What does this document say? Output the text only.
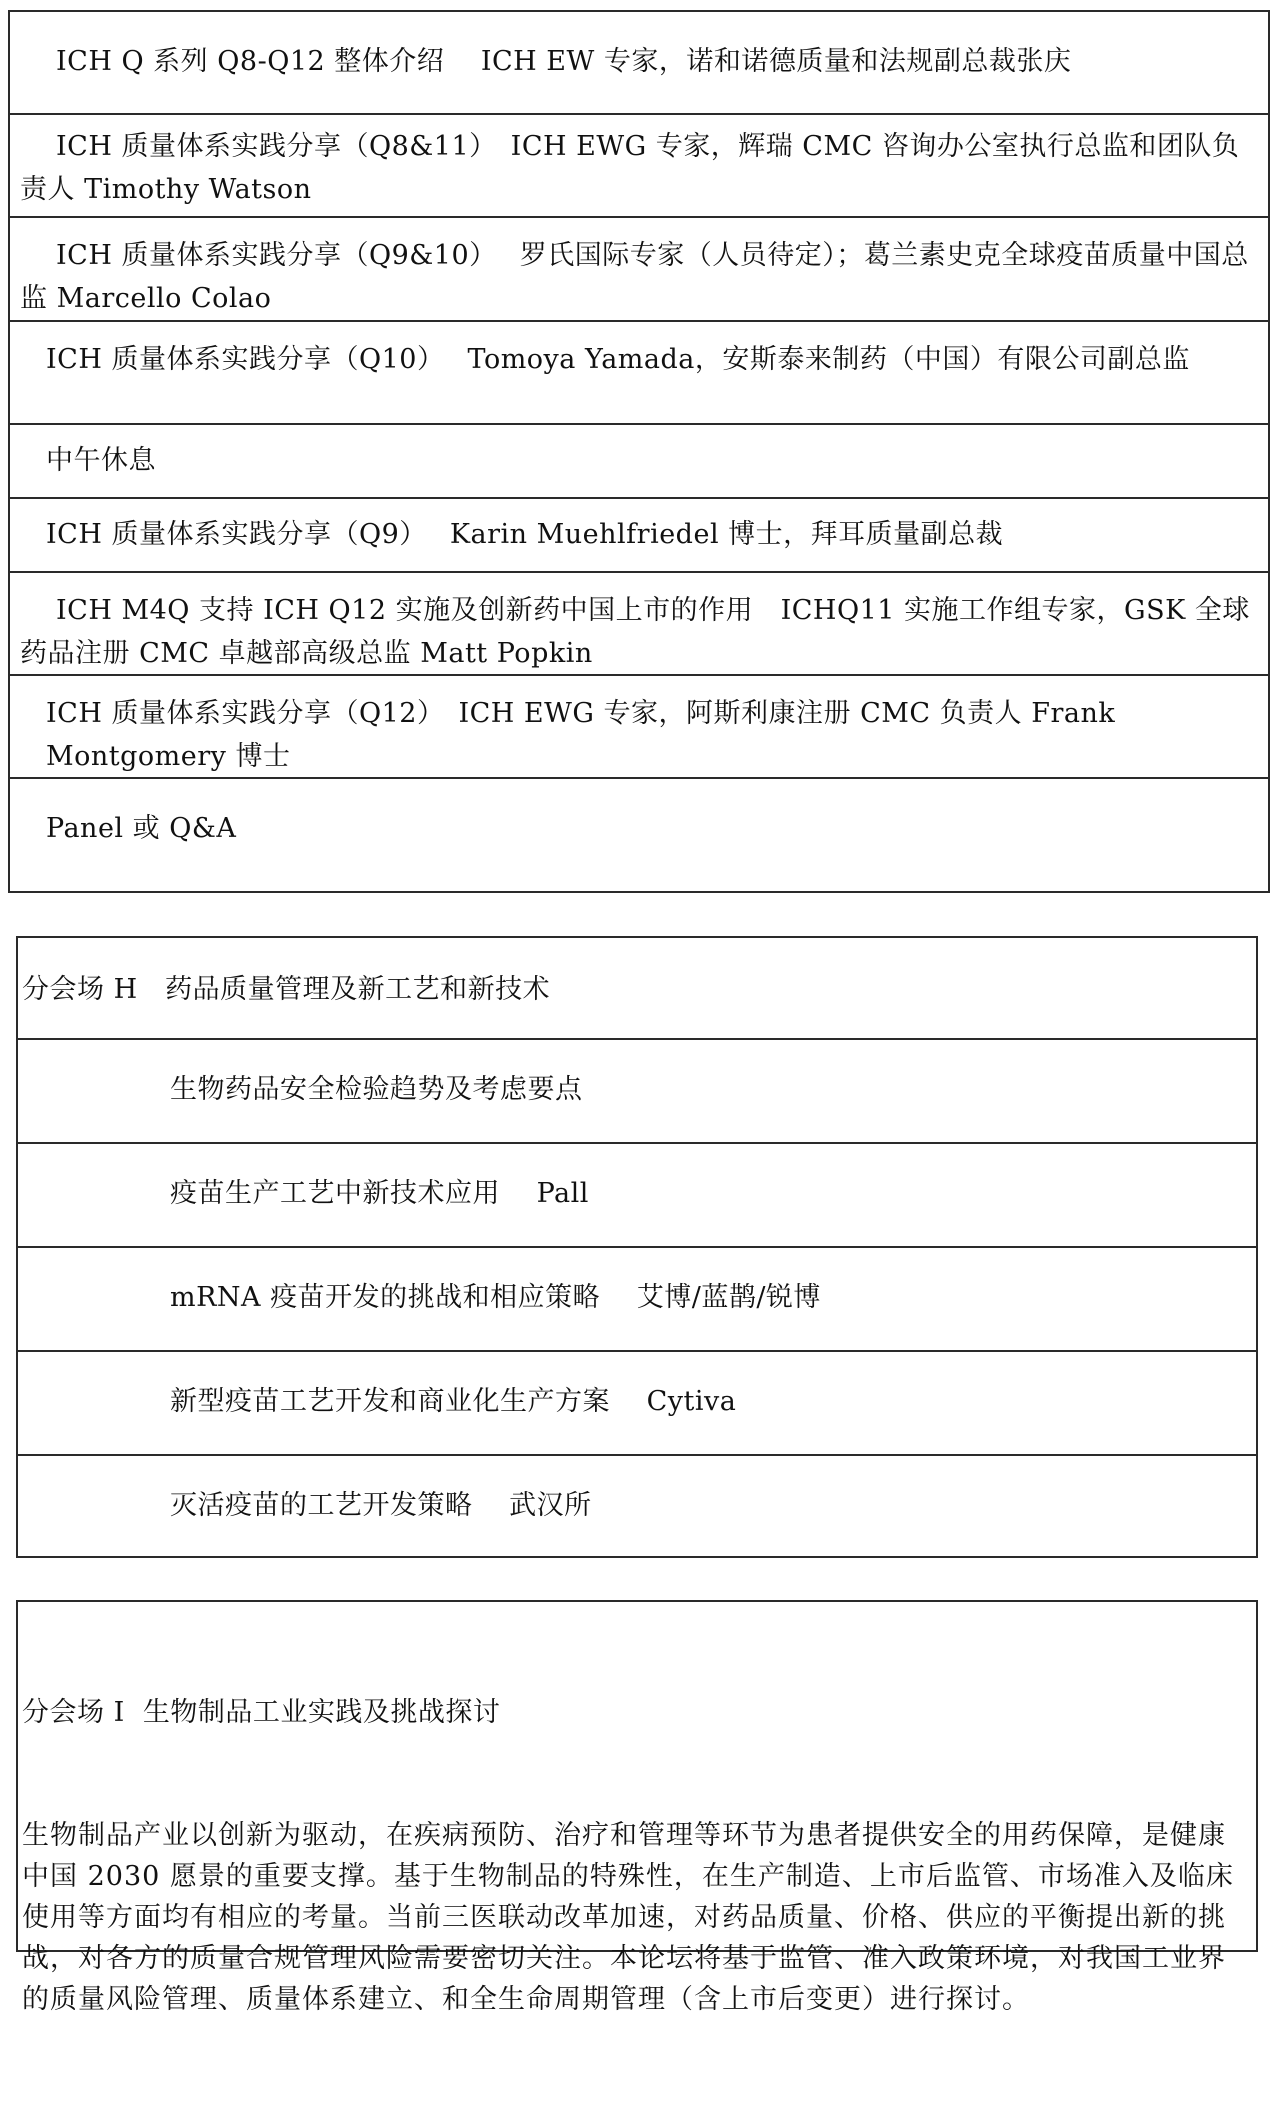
ICH Q 系列 Q8-Q12 整体介绍　 ICH EW 专家，诺和诺德质量和法规副总裁张庆
ICH 质量体系实践分享（Q8&11）　ICH EWG 专家，辉瑞 CMC 咨询办公室执行总监和团队负责人 Timothy Watson
ICH 质量体系实践分享（Q9&10）　 罗氏国际专家（人员待定）；葛兰素史克全球疫苗质量中国总监 Marcello Colao
ICH 质量体系实践分享（Q10）　 Tomoya Yamada，安斯泰来制药（中国）有限公司副总监
中午休息
ICH 质量体系实践分享（Q9）　 Karin Muehlfriedel 博士，拜耳质量副总裁
ICH M4Q 支持 ICH Q12 实施及创新药中国上市的作用　ICHQ11 实施工作组专家，GSK 全球药品注册 CMC 卓越部高级总监 Matt Popkin
ICH 质量体系实践分享（Q12）　ICH EWG 专家，阿斯利康注册 CMC 负责人 Frank Montgomery 博士
Panel 或 Q&A
分会场 H　药品质量管理及新工艺和新技术
生物药品安全检验趋势及考虑要点
疫苗生产工艺中新技术应用　 Pall
mRNA 疫苗开发的挑战和相应策略　 艾博/蓝鹊/锐博
新型疫苗工艺开发和商业化生产方案　 Cytiva
灭活疫苗的工艺开发策略　 武汉所

分会场 I  生物制品工业实践及挑战探讨

生物制品产业以创新为驱动，在疾病预防、治疗和管理等环节为患者提供安全的用药保障，是健康中国 2030 愿景的重要支撑。基于生物制品的特殊性，在生产制造、上市后监管、市场准入及临床使用等方面均有相应的考量。当前三医联动改革加速，对药品质量、价格、供应的平衡提出新的挑战，对各方的质量合规管理风险需要密切关注。本论坛将基于监管、准入政策环境，对我国工业界的质量风险管理、质量体系建立、和全生命周期管理（含上市后变更）进行探讨。
